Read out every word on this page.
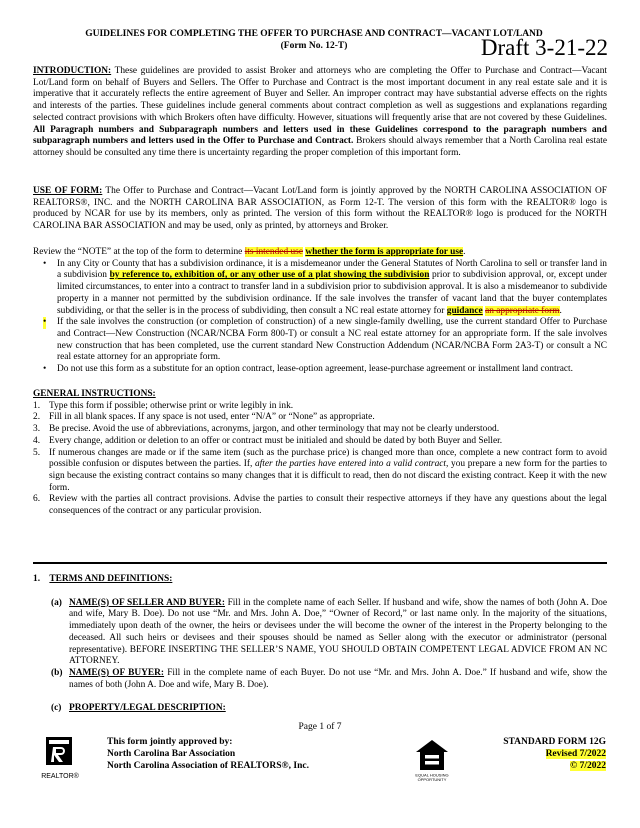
GUIDELINES FOR COMPLETING THE OFFER TO PURCHASE AND CONTRACT—VACANT LOT/LAND
(Form No. 12-T)	Draft 3-21-22
INTRODUCTION: These guidelines are provided to assist Broker and attorneys who are completing the Offer to Purchase and Contract—Vacant Lot/Land form on behalf of Buyers and Sellers. The Offer to Purchase and Contract is the most important document in any real estate sale and it is imperative that it accurately reflects the entire agreement of Buyer and Seller. An improper contract may have substantial adverse effects on the rights and interests of the parties. These guidelines include general comments about contract completion as well as suggestions and explanations regarding selected contract provisions with which Brokers often have difficulty. However, situations will frequently arise that are not covered by these Guidelines. All Paragraph numbers and Subparagraph numbers and letters used in these Guidelines correspond to the paragraph numbers and subparagraph numbers and letters used in the Offer to Purchase and Contract. Brokers should always remember that a North Carolina real estate attorney should be consulted any time there is uncertainty regarding the proper completion of this important form.
USE OF FORM: The Offer to Purchase and Contract—Vacant Lot/Land form is jointly approved by the NORTH CAROLINA ASSOCIATION OF REALTORS®, INC. and the NORTH CAROLINA BAR ASSOCIATION, as Form 12-T. The version of this form with the REALTOR® logo is produced by NCAR for use by its members, only as printed. The version of this form without the REALTOR® logo is produced for the NORTH CAROLINA BAR ASSOCIATION and may be used, only as printed, by attorneys and Broker.
Review the “NOTE” at the top of the form to determine its intended use whether the form is appropriate for use.
• In any City or County that has a subdivision ordinance, it is a misdemeanor under the General Statutes of North Carolina to sell or transfer land in a subdivision by reference to, exhibition of, or any other use of a plat showing the subdivision prior to subdivision approval, or, except under limited circumstances, to enter into a contract to transfer land in a subdivision prior to subdivision approval. It is also a misdemeanor to subdivide property in a manner not permitted by the subdivision ordinance. If the sale involves the transfer of vacant land that the buyer contemplates subdividing, or that the seller is in the process of subdividing, then consult a NC real estate attorney for guidance an appropriate form.
• If the sale involves the construction (or completion of construction) of a new single-family dwelling, use the current standard Offer to Purchase and Contract—New Construction (NCAR/NCBA Form 800-T) or consult a NC real estate attorney for an appropriate form. If the sale involves new construction that has been completed, use the current standard New Construction Addendum (NCAR/NCBA Form 2A3-T) or consult a NC real estate attorney for an appropriate form.
• Do not use this form as a substitute for an option contract, lease-option agreement, lease-purchase agreement or installment land contract.
GENERAL INSTRUCTIONS:
1. Type this form if possible; otherwise print or write legibly in ink.
2. Fill in all blank spaces. If any space is not used, enter “N/A” or “None” as appropriate.
3. Be precise. Avoid the use of abbreviations, acronyms, jargon, and other terminology that may not be clearly understood.
4. Every change, addition or deletion to an offer or contract must be initialed and should be dated by both Buyer and Seller.
5. If numerous changes are made or if the same item (such as the purchase price) is changed more than once, complete a new contract form to avoid possible confusion or disputes between the parties. If, after the parties have entered into a valid contract, you prepare a new form for the parties to sign because the existing contract contains so many changes that it is difficult to read, then do not discard the existing contract. Keep it with the new form.
6. Review with the parties all contract provisions. Advise the parties to consult their respective attorneys if they have any questions about the legal consequences of the contract or any particular provision.
1. TERMS AND DEFINITIONS:
(a) NAME(S) OF SELLER AND BUYER: Fill in the complete name of each Seller. If husband and wife, show the names of both (John A. Doe and wife, Mary B. Doe). Do not use “Mr. and Mrs. John A. Doe,” “Owner of Record,” or last name only. In the majority of the situations, immediately upon death of the owner, the heirs or devisees under the will become the owner of the interest in the Property belonging to the deceased. All such heirs or devisees and their spouses should be named as Seller along with the executor or administrator (personal representative). BEFORE INSERTING THE SELLER’S NAME, YOU SHOULD OBTAIN COMPETENT LEGAL ADVICE FROM AN NC ATTORNEY.
(b) NAME(S) OF BUYER: Fill in the complete name of each Buyer. Do not use “Mr. and Mrs. John A. Doe.” If husband and wife, show the names of both (John A. Doe and wife, Mary B. Doe).
(c) PROPERTY/LEGAL DESCRIPTION:
Page 1 of 7
REALTOR®
This form jointly approved by:
North Carolina Bar Association
North Carolina Association of REALTORS®, Inc.
EQUAL HOUSING
OPPORTUNITY
STANDARD FORM 12G
Revised 7/2022
© 7/2022
